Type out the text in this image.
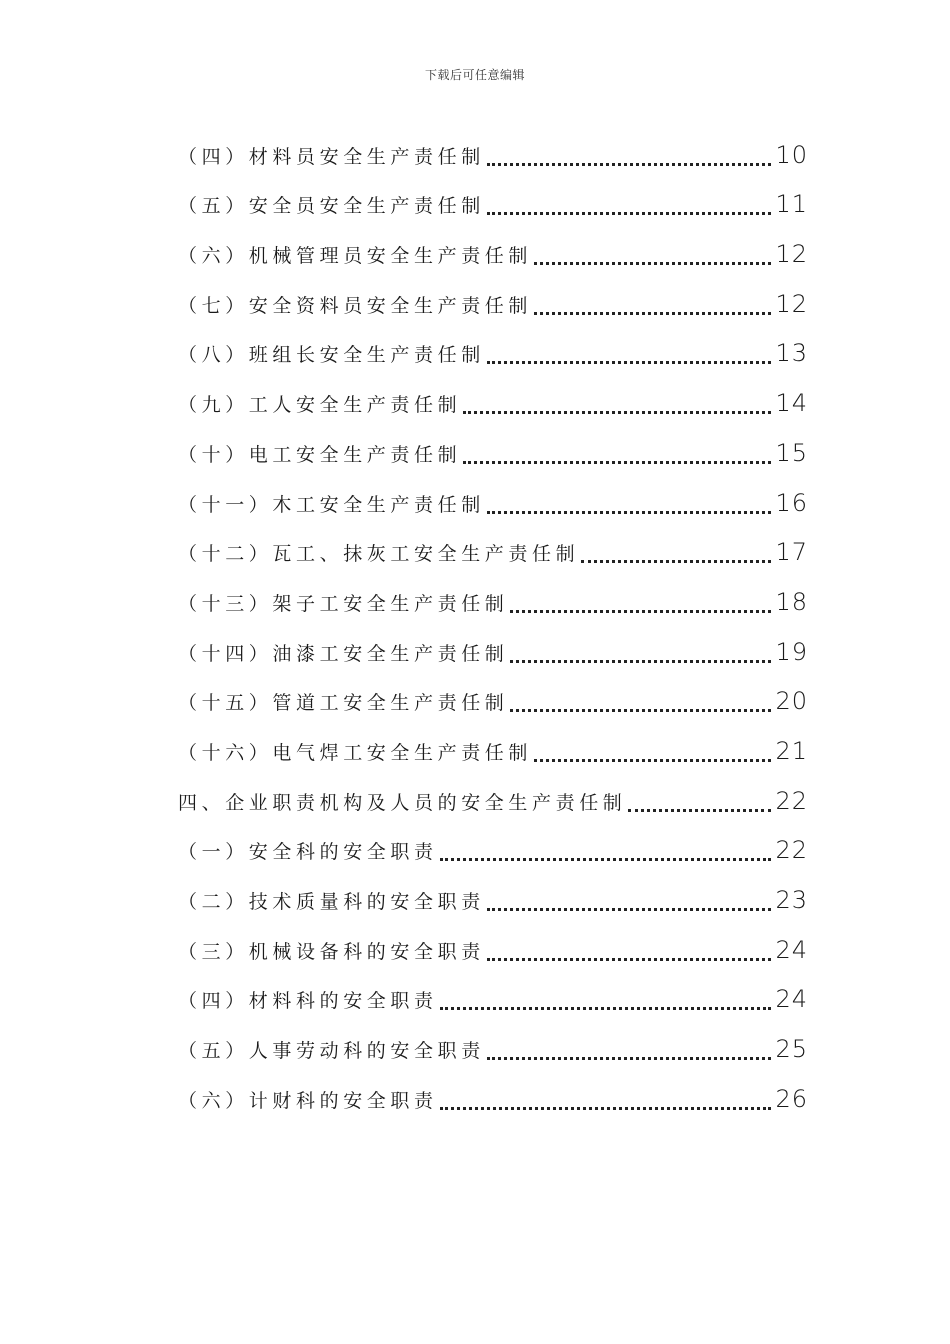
下载后可任意编辑
（四）材料员安全生产责任制	10
（五）安全员安全生产责任制	11
（六）机械管理员安全生产责任制	12
（七）安全资料员安全生产责任制	12
（八）班组长安全生产责任制	13
（九）工人安全生产责任制	14
（十）电工安全生产责任制	15
（十一）木工安全生产责任制	16
（十二）瓦工、抹灰工安全生产责任制	17
（十三）架子工安全生产责任制	18
（十四）油漆工安全生产责任制	19
（十五）管道工安全生产责任制	20
（十六）电气焊工安全生产责任制	21
四、企业职责机构及人员的安全生产责任制	22
（一）安全科的安全职责	22
（二）技术质量科的安全职责	23
（三）机械设备科的安全职责	24
（四）材料科的安全职责	24
（五）人事劳动科的安全职责	25
（六）计财科的安全职责	26
